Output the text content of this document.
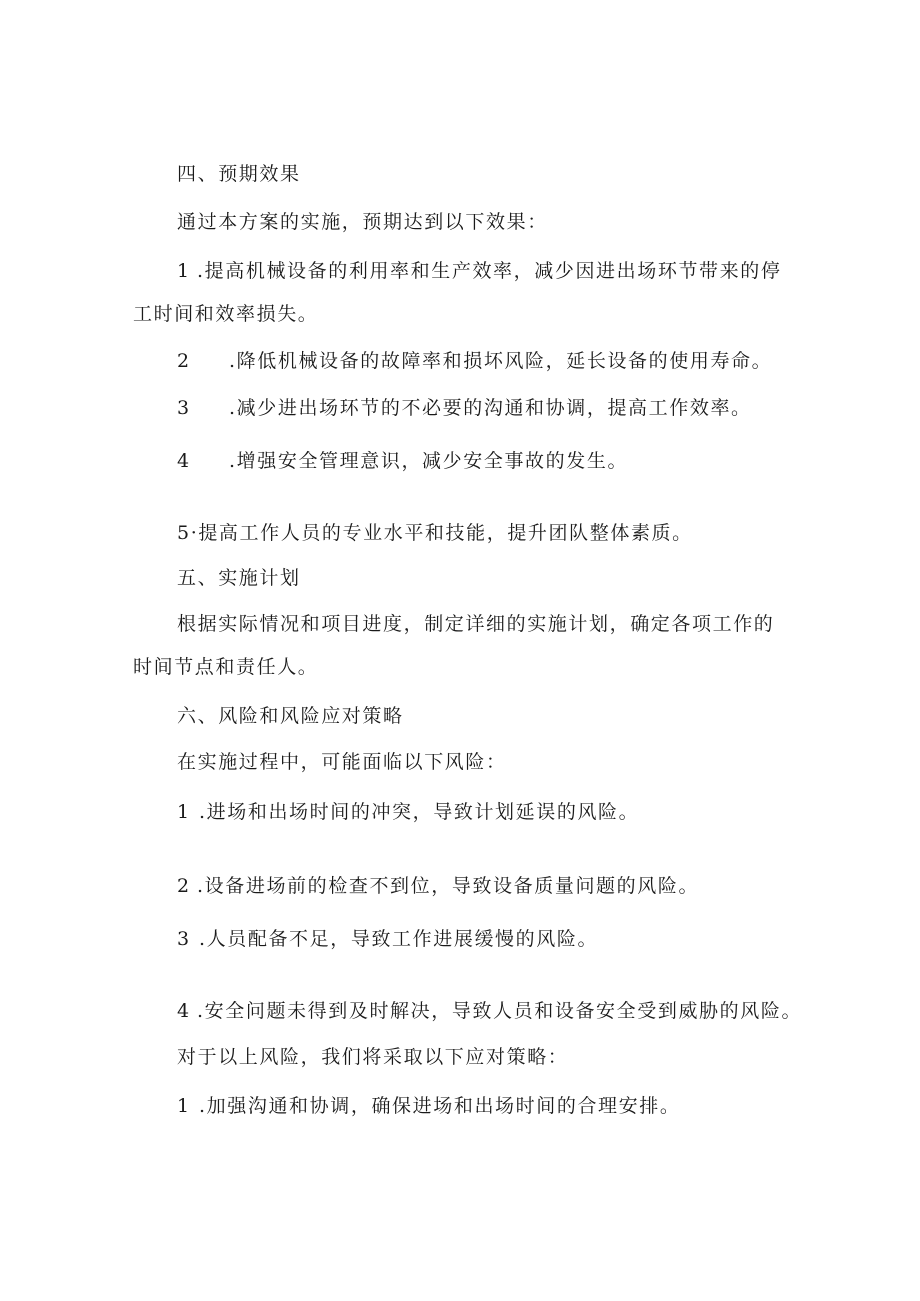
四、预期效果
通过本方案的实施，预期达到以下效果：
1 .提高机械设备的利用率和生产效率，减少因进出场环节带来的停
工时间和效率损失。
2 .降低机械设备的故障率和损坏风险，延长设备的使用寿命。
3 .减少进出场环节的不必要的沟通和协调，提高工作效率。
4 .增强安全管理意识，减少安全事故的发生。
5·提高工作人员的专业水平和技能，提升团队整体素质。
五、实施计划
根据实际情况和项目进度，制定详细的实施计划，确定各项工作的
时间节点和责任人。
六、风险和风险应对策略
在实施过程中，可能面临以下风险：
1 .进场和出场时间的冲突，导致计划延误的风险。
2 .设备进场前的检查不到位，导致设备质量问题的风险。
3 .人员配备不足，导致工作进展缓慢的风险。
4 .安全问题未得到及时解决，导致人员和设备安全受到威胁的风险。
对于以上风险，我们将采取以下应对策略：
1 .加强沟通和协调，确保进场和出场时间的合理安排。
